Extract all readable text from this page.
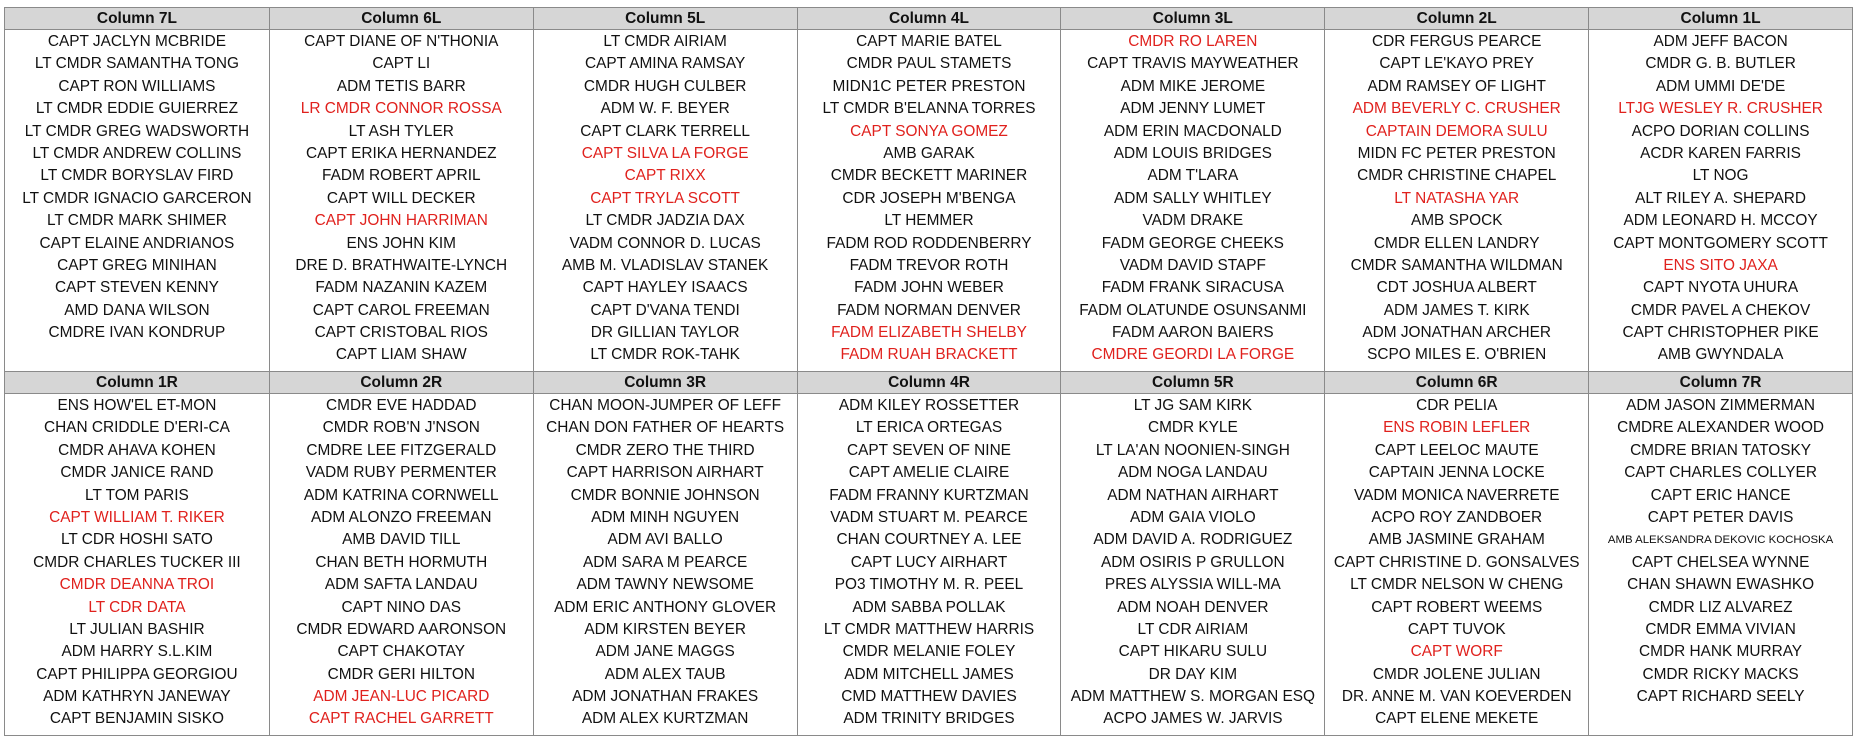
Column 7L
CAPT JACLYN MCBRIDE
LT CMDR SAMANTHA TONG
CAPT RON WILLIAMS
LT CMDR EDDIE GUIERREZ
LT CMDR GREG WADSWORTH
LT CMDR ANDREW COLLINS
LT CMDR BORYSLAV FIRD
LT CMDR IGNACIO GARCERON
LT CMDR MARK SHIMER
CAPT ELAINE ANDRIANOS
CAPT GREG MINIHAN
CAPT STEVEN KENNY
AMD DANA WILSON
CMDRE IVAN KONDRUP
Column 6L
CAPT DIANE OF N'THONIA
CAPT LI
ADM TETIS BARR
LR CMDR CONNOR ROSSA
LT ASH TYLER
CAPT ERIKA HERNANDEZ
FADM ROBERT APRIL
CAPT WILL DECKER
CAPT JOHN HARRIMAN
ENS JOHN KIM
DRE D. BRATHWAITE-LYNCH
FADM NAZANIN KAZEM
CAPT CAROL FREEMAN
CAPT CRISTOBAL RIOS
CAPT LIAM SHAW
Column 5L
LT CMDR AIRIAM
CAPT AMINA RAMSAY
CMDR HUGH CULBER
ADM W. F. BEYER
CAPT CLARK TERRELL
CAPT SILVA LA FORGE
CAPT RIXX
CAPT TRYLA SCOTT
LT CMDR JADZIA DAX
VADM CONNOR D. LUCAS
AMB M. VLADISLAV STANEK
CAPT HAYLEY ISAACS
CAPT D'VANA TENDI
DR GILLIAN TAYLOR
LT CMDR ROK-TAHK
Column 4L
CAPT MARIE BATEL
CMDR PAUL STAMETS
MIDN1C PETER PRESTON
LT CMDR B'ELANNA TORRES
CAPT SONYA GOMEZ
AMB GARAK
CMDR BECKETT MARINER
CDR JOSEPH M'BENGA
LT HEMMER
FADM ROD RODDENBERRY
FADM TREVOR ROTH
FADM JOHN WEBER
FADM NORMAN DENVER
FADM ELIZABETH SHELBY
FADM RUAH BRACKETT
Column 3L
CMDR RO LAREN
CAPT TRAVIS MAYWEATHER
ADM MIKE JEROME
ADM JENNY LUMET
ADM ERIN MACDONALD
ADM LOUIS BRIDGES
ADM T'LARA
ADM SALLY WHITLEY
VADM DRAKE
FADM GEORGE CHEEKS
VADM DAVID STAPF
FADM FRANK SIRACUSA
FADM OLATUNDE OSUNSANMI
FADM AARON BAIERS
CMDRE GEORDI LA FORGE
Column 2L
CDR FERGUS PEARCE
CAPT LE'KAYO PREY
ADM RAMSEY OF LIGHT
ADM BEVERLY C. CRUSHER
CAPTAIN DEMORA SULU
MIDN FC PETER PRESTON
CMDR CHRISTINE CHAPEL
LT NATASHA YAR
AMB SPOCK
CMDR ELLEN LANDRY
CMDR SAMANTHA WILDMAN
CDT JOSHUA ALBERT
ADM JAMES T. KIRK
ADM JONATHAN ARCHER
SCPO MILES E. O'BRIEN
Column 1L
ADM JEFF BACON
CMDR G. B. BUTLER
ADM UMMI DE'DE
LTJG WESLEY R. CRUSHER
ACPO DORIAN COLLINS
ACDR KAREN FARRIS
LT NOG
ALT RILEY A. SHEPARD
ADM LEONARD H. MCCOY
CAPT MONTGOMERY SCOTT
ENS SITO JAXA
CAPT NYOTA UHURA
CMDR PAVEL A CHEKOV
CAPT CHRISTOPHER PIKE
AMB GWYNDALA
Column 1R
ENS HOW'EL ET-MON
CHAN CRIDDLE D'ERI-CA
CMDR AHAVA KOHEN
CMDR JANICE RAND
LT TOM PARIS
CAPT WILLIAM T. RIKER
LT CDR HOSHI SATO
CMDR CHARLES TUCKER III
CMDR DEANNA TROI
LT CDR DATA
LT JULIAN BASHIR
ADM HARRY S.L.KIM
CAPT PHILIPPA GEORGIOU
ADM KATHRYN JANEWAY
CAPT BENJAMIN SISKO
Column 2R
CMDR EVE HADDAD
CMDR ROB'N J'NSON
CMDRE LEE FITZGERALD
VADM RUBY PERMENTER
ADM KATRINA CORNWELL
ADM ALONZO FREEMAN
AMB DAVID TILL
CHAN BETH HORMUTH
ADM SAFTA LANDAU
CAPT NINO DAS
CMDR EDWARD AARONSON
CAPT CHAKOTAY
CMDR GERI HILTON
ADM JEAN-LUC PICARD
CAPT RACHEL GARRETT
Column 3R
CHAN MOON-JUMPER OF LEFF
CHAN DON FATHER OF HEARTS
CMDR ZERO THE THIRD
CAPT HARRISON AIRHART
CMDR BONNIE JOHNSON
ADM MINH NGUYEN
ADM AVI BALLO
ADM SARA M PEARCE
ADM TAWNY NEWSOME
ADM ERIC ANTHONY GLOVER
ADM KIRSTEN BEYER
ADM JANE MAGGS
ADM ALEX TAUB
ADM JONATHAN FRAKES
ADM ALEX KURTZMAN
Column 4R
ADM KILEY ROSSETTER
LT ERICA ORTEGAS
CAPT SEVEN OF NINE
CAPT AMELIE CLAIRE
FADM FRANNY KURTZMAN
VADM STUART M. PEARCE
CHAN COURTNEY A. LEE
CAPT LUCY AIRHART
PO3 TIMOTHY M. R. PEEL
ADM SABBA POLLAK
LT CMDR MATTHEW HARRIS
CMDR MELANIE FOLEY
ADM MITCHELL JAMES
CMD MATTHEW DAVIES
ADM TRINITY BRIDGES
Column 5R
LT JG SAM KIRK
CMDR KYLE
LT LA'AN NOONIEN-SINGH
ADM NOGA LANDAU
ADM NATHAN AIRHART
ADM GAIA VIOLO
ADM DAVID A. RODRIGUEZ
ADM OSIRIS P GRULLON
PRES ALYSSIA WILL-MA
ADM NOAH DENVER
LT CDR AIRIAM
CAPT HIKARU SULU
DR DAY KIM
ADM MATTHEW S. MORGAN ESQ
ACPO JAMES W. JARVIS
Column 6R
CDR PELIA
ENS ROBIN LEFLER
CAPT LEELOC MAUTE
CAPTAIN JENNA LOCKE
VADM MONICA NAVERRETE
ACPO ROY ZANDBOER
AMB JASMINE GRAHAM
CAPT CHRISTINE D. GONSALVES
LT CMDR NELSON W CHENG
CAPT ROBERT WEEMS
CAPT TUVOK
CAPT WORF
CMDR JOLENE JULIAN
DR. ANNE M. VAN KOEVERDEN
CAPT ELENE MEKETE
Column 7R
ADM JASON ZIMMERMAN
CMDRE ALEXANDER WOOD
CMDRE BRIAN TATOSKY
CAPT CHARLES COLLYER
CAPT ERIC HANCE
CAPT PETER DAVIS
AMB ALEKSANDRA DEKOVIC KOCHOSKA
CAPT CHELSEA WYNNE
CHAN SHAWN EWASHKO
CMDR LIZ ALVAREZ
CMDR EMMA VIVIAN
CMDR HANK MURRAY
CMDR RICKY MACKS
CAPT RICHARD SEELY
